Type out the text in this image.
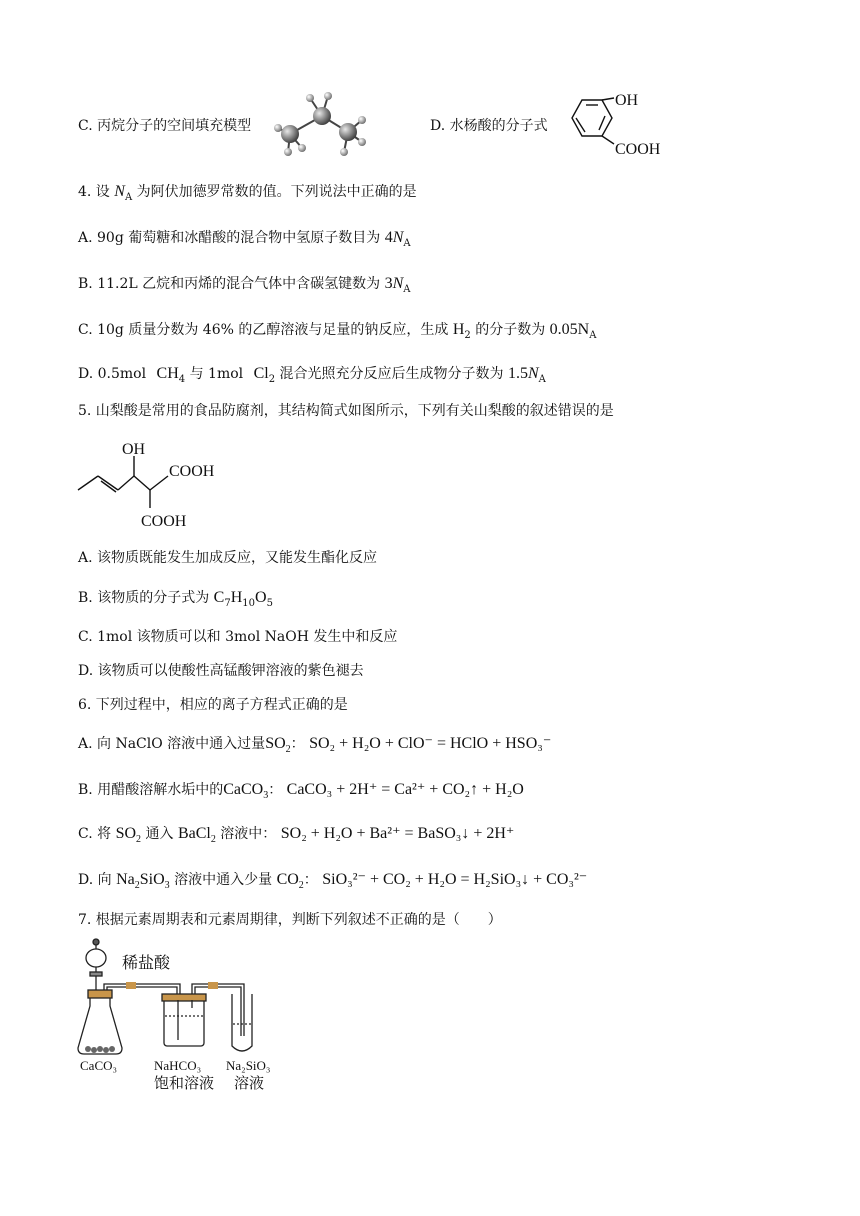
C. 丙烷分子的空间填充模型	D. 水杨酸的分子式
OH
COOH
4. 设 $N_A$ 为阿伏加德罗常数的值。下列说法中正确的是
A. 90g 葡萄糖和冰醋酸的混合物中氢原子数目为 $4N_A$
B. 11.2L 乙烷和丙烯的混合气体中含碳氢键数为 $3N_A$
C. 10g 质量分数为 46% 的乙醇溶液与足量的钠反应，生成 $H_2$ 的分子数为 $0.05N_A$
D. 0.5mol $CH_4$ 与 1mol $Cl_2$ 混合光照充分反应后生成物分子数为 $1.5N_A$
5. 山梨酸是常用的食品防腐剂，其结构简式如图所示，下列有关山梨酸的叙述错误的是
OH
COOH
COOH
A. 该物质既能发生加成反应，又能发生酯化反应
B. 该物质的分子式为 $C_7H_{10}O_5$
C. 1mol 该物质可以和 3mol NaOH 发生中和反应
D. 该物质可以使酸性高锰酸钾溶液的紫色褪去
6. 下列过程中，相应的离子方程式正确的是
A. 向 NaClO 溶液中通入过量$SO_2$： SO₂ + H₂O + ClO⁻ = HClO + HSO₃⁻
B. 用醋酸溶解水垢中的CaCO$_3$： CaCO₃ + 2H⁺ = Ca²⁺ + CO₂↑ + H₂O
C. 将 $SO_2$ 通入 BaCl$_2$ 溶液中： SO₂ + H₂O + Ba²⁺ = BaSO₃↓ + 2H⁺
D. 向 $Na_2SiO_3$ 溶液中通入少量 $CO_2$： SiO₃²⁻ + CO₂ + H₂O = H₂SiO₃↓ + CO₃²⁻
7. 根据元素周期表和元素周期律，判断下列叙述不正确的是（　　）
稀盐酸
CaCO₃	NaHCO₃
饱和溶液
Na₂SiO₃
溶液
